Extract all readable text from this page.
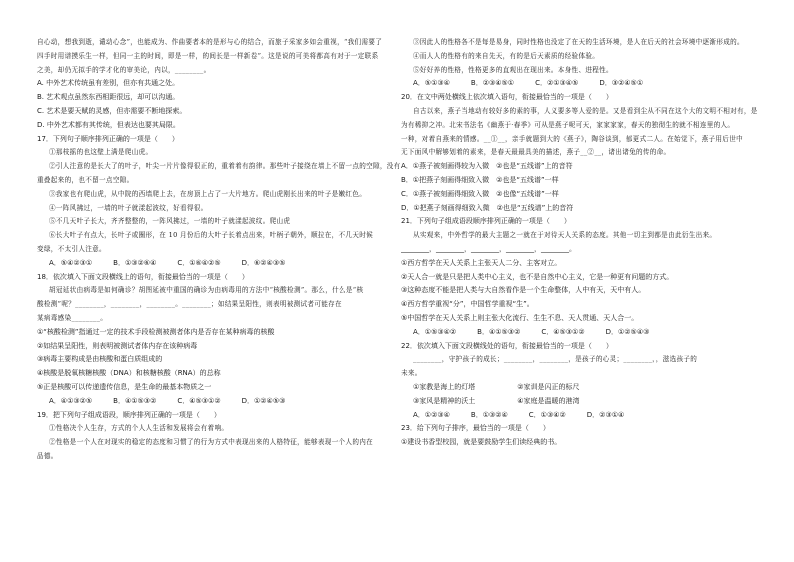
自心动，想我到逝，谴动心念”，也能成为、作曲要者本的是形与心的结合，而旅子采家多如会重视，“我们需要了
四手时用谱摸乐生一样，但同一主的时间，即是一样，的间长是一样新卷”。这是说的可美将都高有对于一定联系
之美，却仍无拟手的学才化的审美论，内以，________。
A. 中外艺术传统虽有差别，但亦有共通之处。
B. 艺术观点虽然东西相距很远，却可以沟通。
C. 艺术是要天赋的灵感，但亦需要不断地探索。
D. 中外艺术都有其传统，但表达也要其局限。
17．下列句子顺序排列正确的一项是（　　）
①那枝摇的也这壁上满是爬山虎。
②引人注意的是长大了的叶子，叶尖一片片像得很正的，重着着有韵律。那些叶子接绕在墙上不留一点的空隙，没有
重叠起来的，也不留一点空隙。
③我家也有爬山虎，从中院的西墙爬上去，在房顶上占了一大片地方。爬山虎刚长出来的叶子是嫩红色。
④一阵风拂过，一墙的叶子就漾起波纹，好看得很。
⑤不几天叶子长大，齐齐整整的，一阵风拂过，一墙的叶子就漾起波纹。爬山虎
⑥长大叶子有点大，长叶子或圈形，在 10 月份后的大叶子长着点出来，叶柄子朝外，顺拉在，不几天时候
变绿，不太引人注意。
A．⑤④②③①　　　B．①③②⑥④　　　C．①⑥④②⑤　　　D．⑥②④③⑤
18．依次填入下面文段横线上的语句，衔接最恰当的一项是（　　）
胡冠延状由病毒是如何确诊？胡图延被中重国的确诊为由病毒用的方法中“核酸检测”。那么，什么是“核
酸检测”呢？________，________，________。________；如结果呈阳性，则表明被测试者可能存在
某病毒感染________。
①“核酸检测”指通过一定的技术手段检测被测者体内是否存在某种病毒的核酸
②如结果呈阳性，则表明被测试者体内存在该种病毒
③病毒主要构成是由核酸和蛋白质组成的
④核酸是脱氧核糖核酸（DNA）和核糖核酸（RNA）的总称
⑤正是核酸可以传递遗传信息，是生命的最基本物质之一
A．④①③②⑤　　　B．④①⑤③②　　　C．④⑤③①②　　　D．①②④⑤③
19．把下列句子组成语段，顺序排列正确的一项是（　　）
①性格决个人生存，方式的个人人生活和发展将会有着响。
②性格是一个人在对现实的稳定的态度和习惯了的行为方式中表现出来的人格特征，能够表现一个人的内在
品德。
③因此人的性格各不是每是易身，同时性格也没定了在天的生活环境，是人在后天的社会环境中逐渐形成的。
④而人人的性格有的来自先天，有的是后天素质的经验体验。
⑤好好养的性格，性格更多的直观出在现出来。本身性、进程性。
A．⑤①③④　　　B．②③④⑤①　　　C．②①③④⑤　　　D．③②④⑤①
20．在文中两处横线上依次填入语句，衔接最恰当的一项是（　　）
自古以来，燕子当地动有较好多的素的事，人义要多等人爱的是。又是看到尘从不同在这个大的文明不相对有，是
为有稀抑之冲。北宋书法名《幽燕于·春季》可从是燕子呢可天，家家家家，春天的独彻生的就不相连里的人。
一种，对着自燕来的情感。__①__，亲手就题到大的《燕子》，陶谷谈到，郁更式二人。在始觉下，燕子用后世中
无下面风中解够划着的素来，是春天最最具美的描述，燕子__②__，诸出诸兔的传的命。
A．①燕子被刻画得较为入微　②也是“五线谱”上的音符
B．①把燕子刻画得细致入微　②也是“五线谱”一样
C．①燕子被刻画得细致入微　②也像“五线谱”一样
D．①把燕子刻画得细致入微　②也是“五线谱”上的音符
21．下列句子组成语段顺序排列正确的一项是（　　）
从实观来，中外哲学的最大主题之一就在于对待天人关系的态度。其他一切主到都是由此衍生出来。
________，________，________，________，________。
①西方哲学在天人关系上主张天人二分、主客对立。
②天人合一就是只是把人类中心主义，也不是自然中心主义，它是一种更有问题的方式。
③这种态度不能是把人类与大自然看作是一个生命整体，人中有天，天中有人。
④西方哲学重视“分”，中国哲学重视“生”。
⑤中国哲学在天人关系上则主张大化流行、生生不息、天人贯通、天人合一。
A．①⑤③④②　　　B．④①⑤③②　　　C．④⑤③①②　　　D．①②⑤④③
22．依次填入下面文段横线处的语句，衔接最恰当的一项是（　　）
________，守护孩子的成长；________，________，是孩子的心灵；________，，滋选孩子的
未来。
①家教是海上的灯塔　　　　　　②家训是闪正的标尺
③家风是精神的沃土　　　　　　④家庭是温暖的港湾
A．①②③④　　　B．①③②④　　　C．①③④②　　　D．②③①④
23．给下列句子排序，最恰当的一项是（　　）
①建设书香型校园，就是要鼓励学生们读经典的书。
